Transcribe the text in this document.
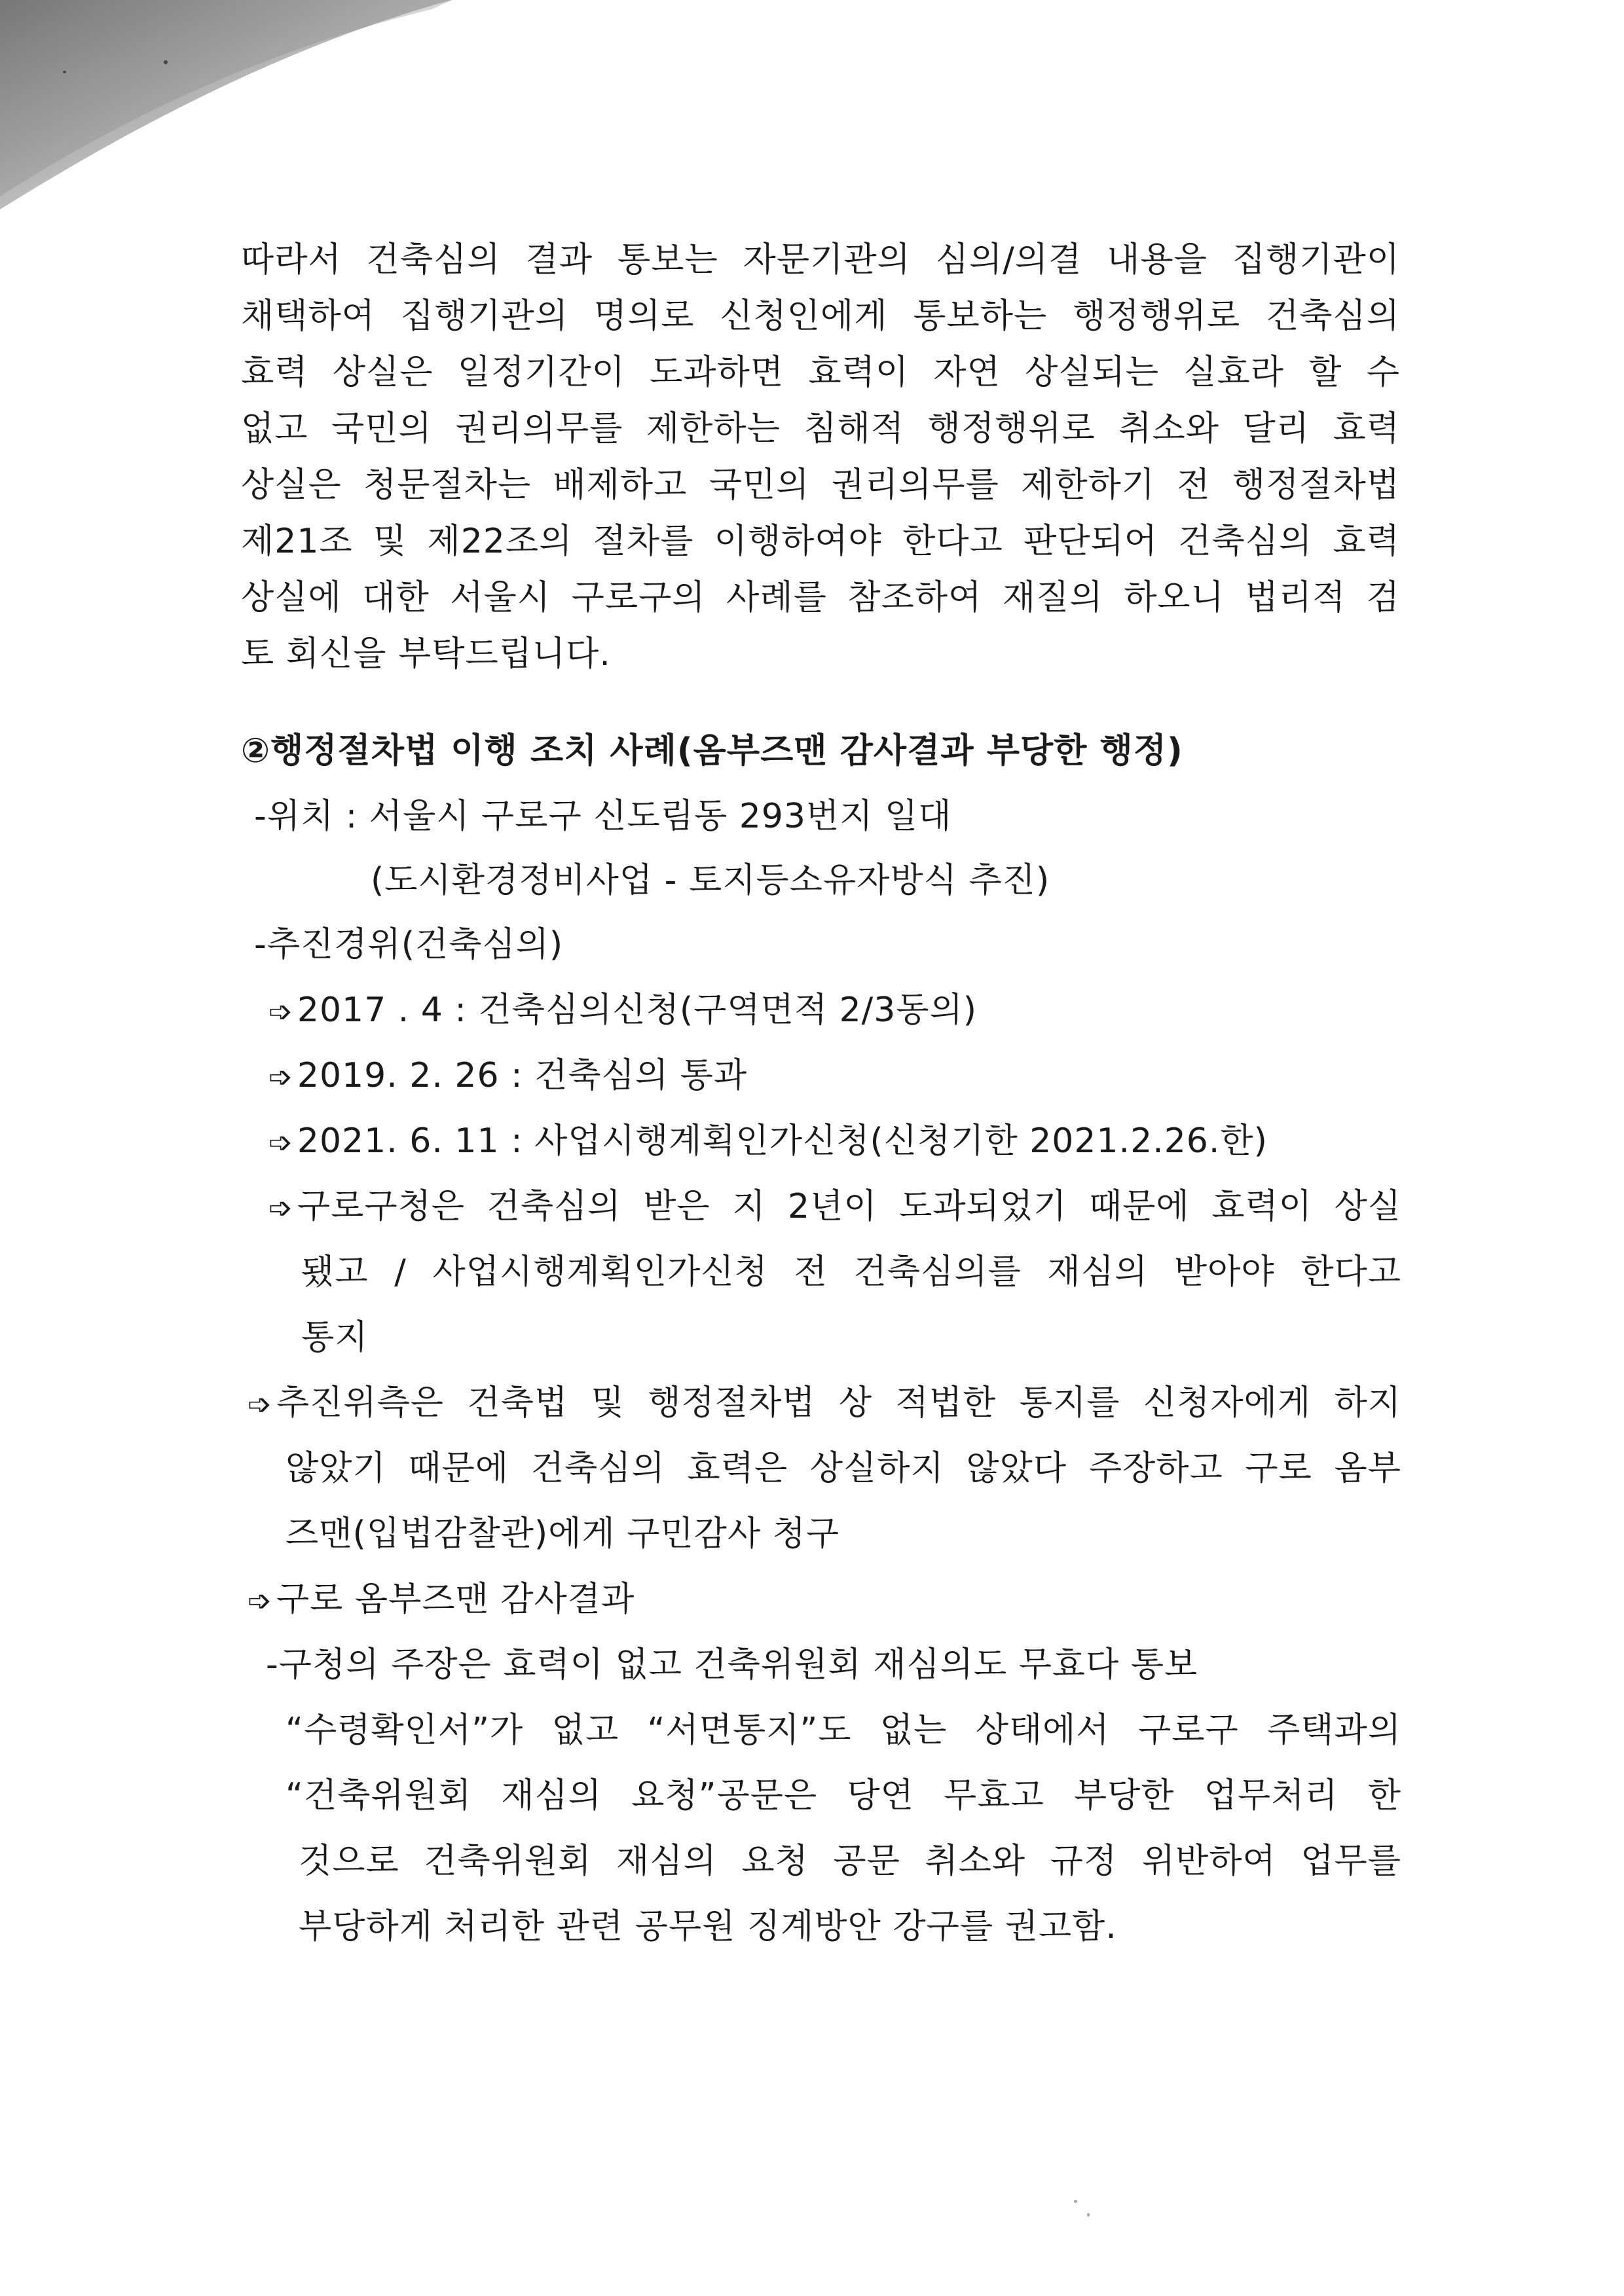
따라서 건축심의 결과 통보는 자문기관의 심의/의결 내용을 집행기관이
채택하여 집행기관의 명의로 신청인에게 통보하는 행정행위로 건축심의
효력 상실은 일정기간이 도과하면 효력이 자연 상실되는 실효라 할 수
없고 국민의 권리의무를 제한하는 침해적 행정행위로 취소와 달리 효력
상실은 청문절차는 배제하고 국민의 권리의무를 제한하기 전 행정절차법
제21조 및 제22조의 절차를 이행하여야 한다고 판단되어 건축심의 효력
상실에 대한 서울시 구로구의 사례를 참조하여 재질의 하오니 법리적 검
토 회신을 부탁드립니다.
②행정절차법 이행 조치 사례(옴부즈맨 감사결과 부당한 행정)
-위치 : 서울시 구로구 신도림동 293번지 일대
(도시환경정비사업 - 토지등소유자방식 추진)
-추진경위(건축심의)
➩ 2017 . 4 : 건축심의신청(구역면적 2/3동의)
➩ 2019. 2. 26 : 건축심의 통과
➩ 2021. 6. 11 : 사업시행계획인가신청(신청기한 2021.2.26.한)
➩ 구로구청은 건축심의 받은 지 2년이 도과되었기 때문에 효력이 상실
됐고 / 사업시행계획인가신청 전 건축심의를 재심의 받아야 한다고
통지
➩ 추진위측은 건축법 및 행정절차법 상 적법한 통지를 신청자에게 하지
않았기 때문에 건축심의 효력은 상실하지 않았다 주장하고 구로 옴부
즈맨(입법감찰관)에게 구민감사 청구
➩ 구로 옴부즈맨 감사결과
-구청의 주장은 효력이 없고 건축위원회 재심의도 무효다 통보
“수령확인서”가 없고 “서면통지”도 없는 상태에서 구로구 주택과의
“건축위원회 재심의 요청”공문은 당연 무효고 부당한 업무처리 한
것으로 건축위원회 재심의 요청 공문 취소와 규정 위반하여 업무를
부당하게 처리한 관련 공무원 징계방안 강구를 권고함.
